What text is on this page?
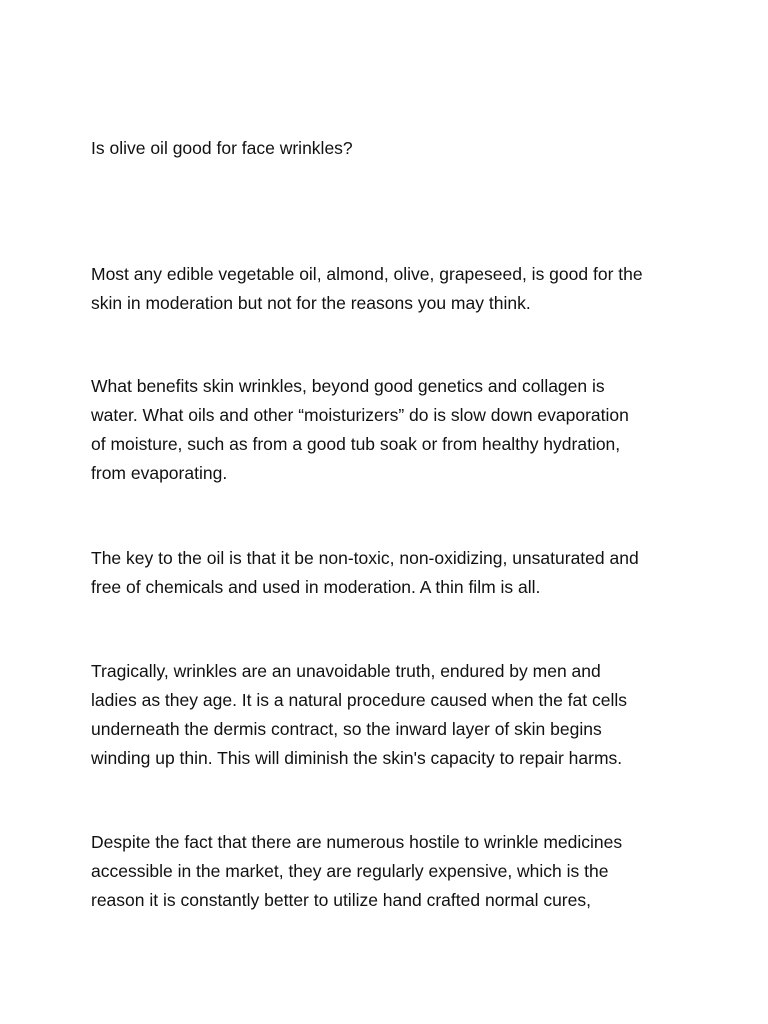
Is olive oil good for face wrinkles?

Most any edible vegetable oil, almond, olive, grapeseed, is good for the

skin in moderation but not for the reasons you may think.

What benefits skin wrinkles, beyond good genetics and collagen is

water. What oils and other “moisturizers” do is slow down evaporation

of moisture, such as from a good tub soak or from healthy hydration,

from evaporating.

The key to the oil is that it be non-toxic, non-oxidizing, unsaturated and

free of chemicals and used in moderation. A thin film is all.

Tragically, wrinkles are an unavoidable truth, endured by men and

ladies as they age. It is a natural procedure caused when the fat cells

underneath the dermis contract, so the inward layer of skin begins

winding up thin. This will diminish the skin's capacity to repair harms.

Despite the fact that there are numerous hostile to wrinkle medicines

accessible in the market, they are regularly expensive, which is the

reason it is constantly better to utilize hand crafted normal cures,
